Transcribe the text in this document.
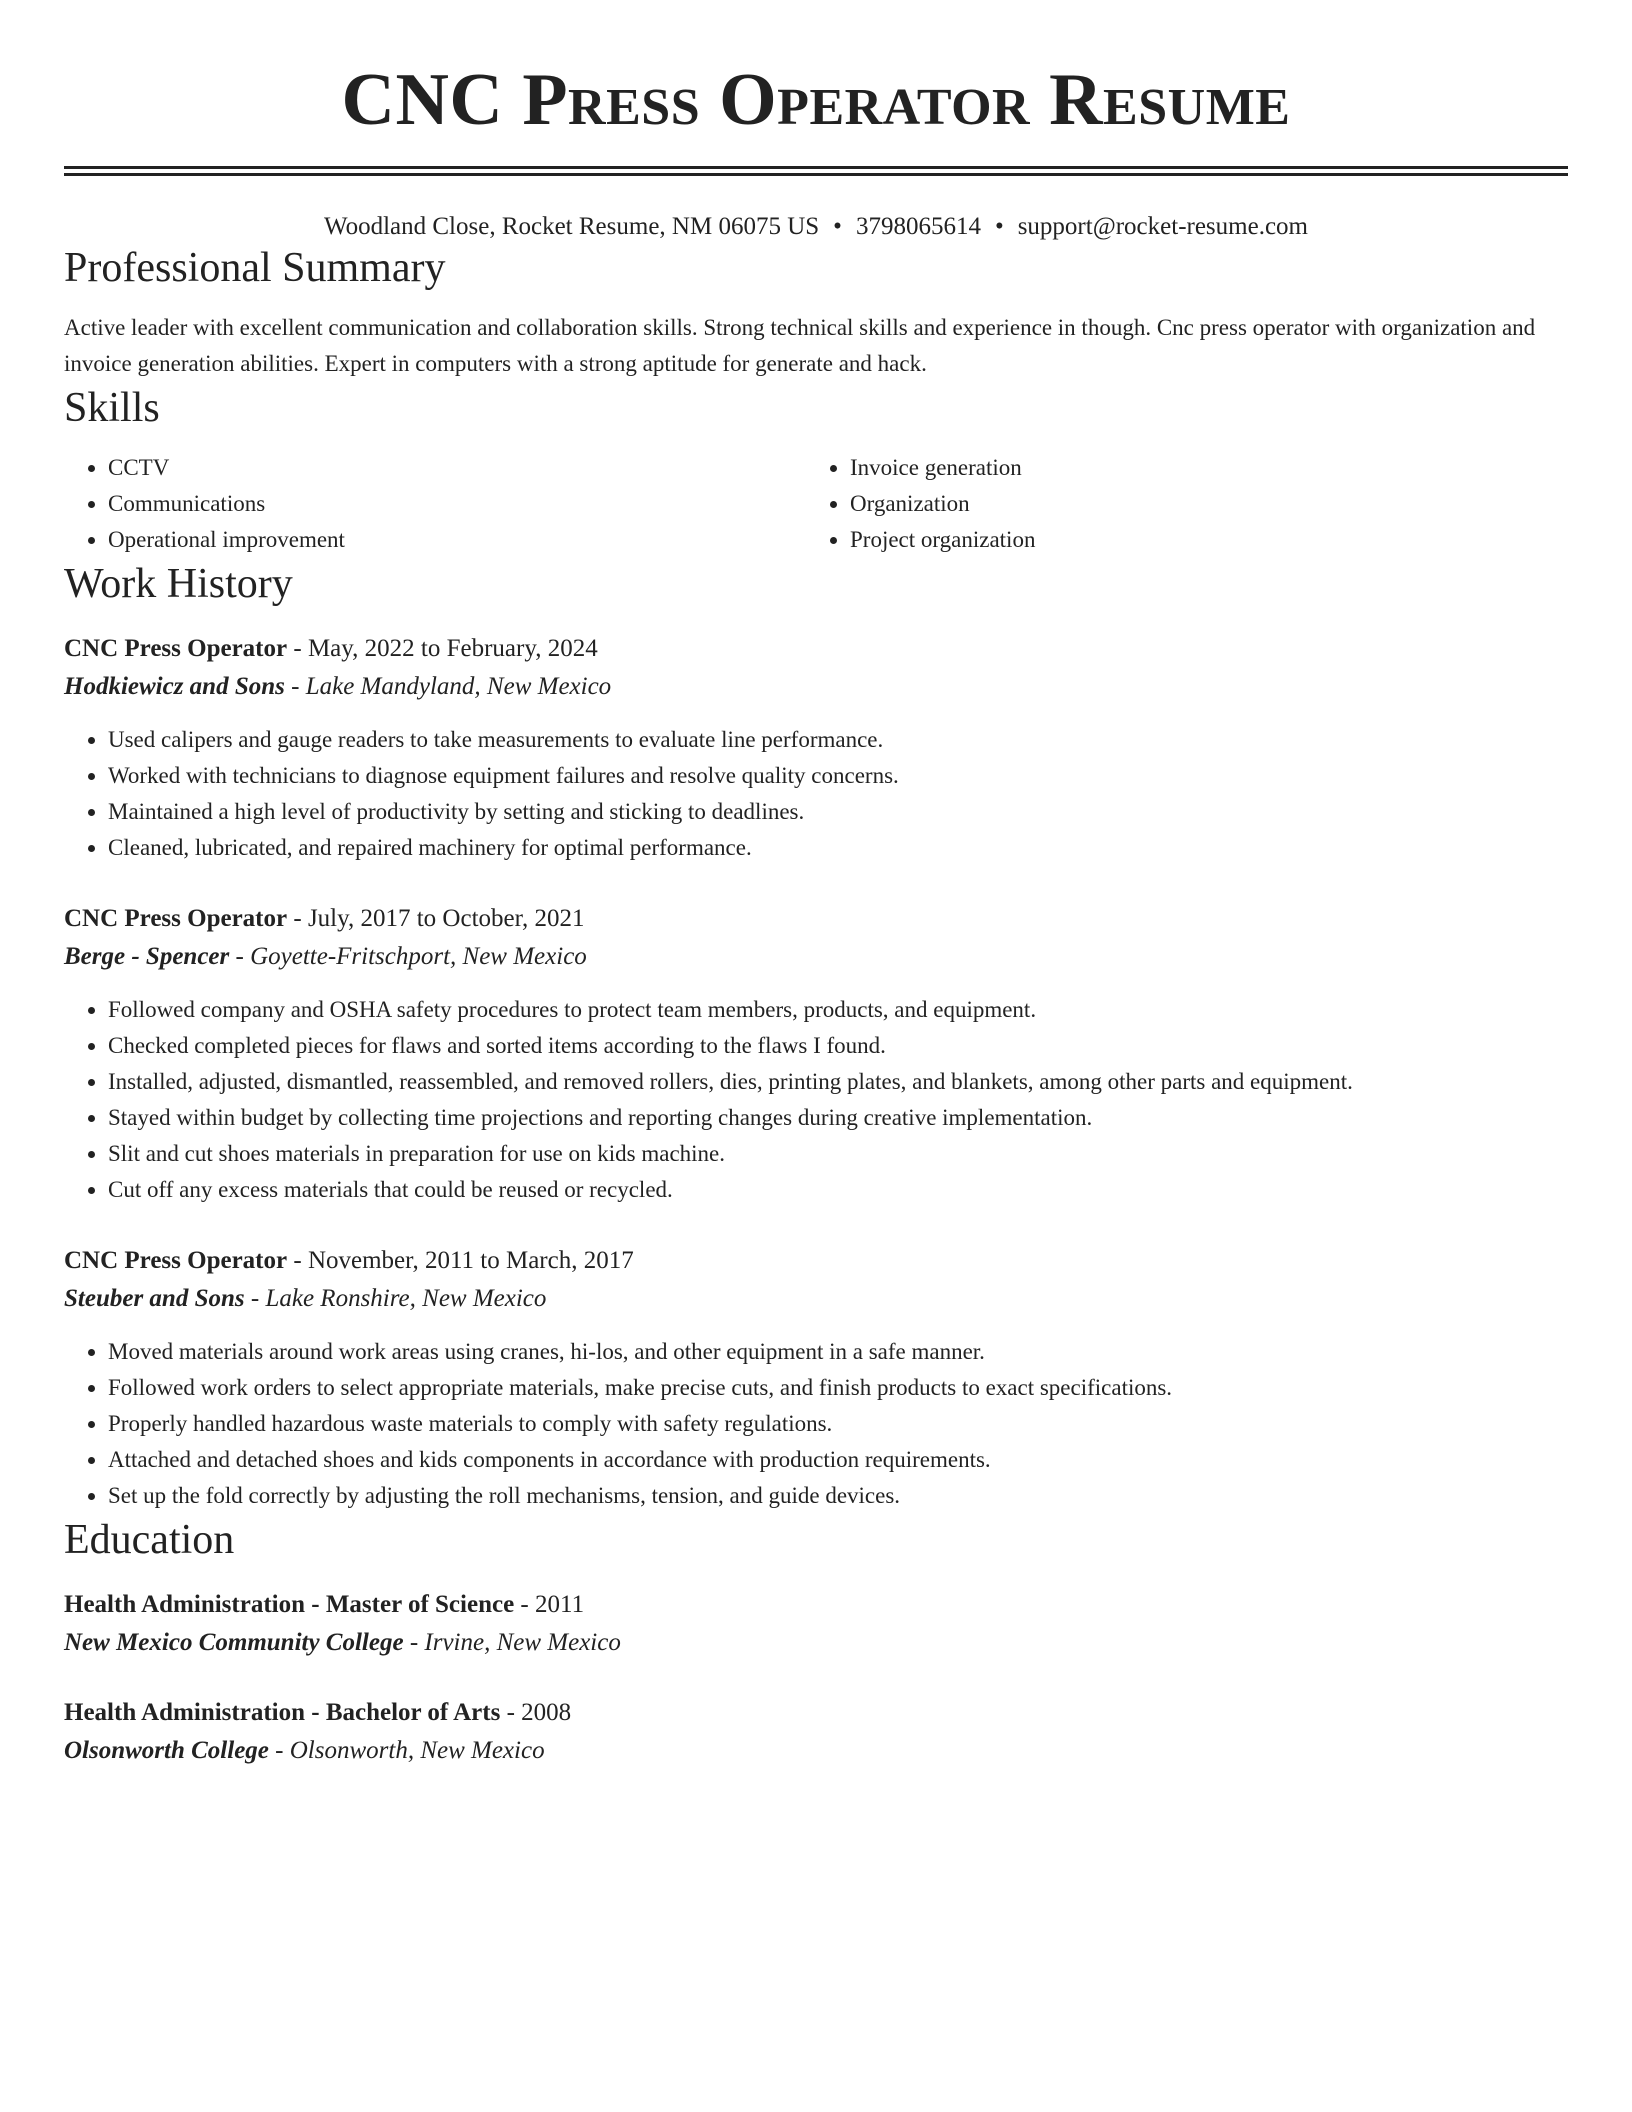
CNC Press Operator Resume
Woodland Close, Rocket Resume, NM 06075 US • 3798065614 • support@rocket-resume.com
Professional Summary
Active leader with excellent communication and collaboration skills. Strong technical skills and experience in though. Cnc press operator with organization and invoice generation abilities. Expert in computers with a strong aptitude for generate and hack.
Skills
• CCTV
• Communications
• Operational improvement
• Invoice generation
• Organization
• Project organization
Work History
CNC Press Operator - May, 2022 to February, 2024
Hodkiewicz and Sons - Lake Mandyland, New Mexico
• Used calipers and gauge readers to take measurements to evaluate line performance.
• Worked with technicians to diagnose equipment failures and resolve quality concerns.
• Maintained a high level of productivity by setting and sticking to deadlines.
• Cleaned, lubricated, and repaired machinery for optimal performance.
CNC Press Operator - July, 2017 to October, 2021
Berge - Spencer - Goyette-Fritschport, New Mexico
• Followed company and OSHA safety procedures to protect team members, products, and equipment.
• Checked completed pieces for flaws and sorted items according to the flaws I found.
• Installed, adjusted, dismantled, reassembled, and removed rollers, dies, printing plates, and blankets, among other parts and equipment.
• Stayed within budget by collecting time projections and reporting changes during creative implementation.
• Slit and cut shoes materials in preparation for use on kids machine.
• Cut off any excess materials that could be reused or recycled.
CNC Press Operator - November, 2011 to March, 2017
Steuber and Sons - Lake Ronshire, New Mexico
• Moved materials around work areas using cranes, hi-los, and other equipment in a safe manner.
• Followed work orders to select appropriate materials, make precise cuts, and finish products to exact specifications.
• Properly handled hazardous waste materials to comply with safety regulations.
• Attached and detached shoes and kids components in accordance with production requirements.
• Set up the fold correctly by adjusting the roll mechanisms, tension, and guide devices.
Education
Health Administration - Master of Science - 2011
New Mexico Community College - Irvine, New Mexico
Health Administration - Bachelor of Arts - 2008
Olsonworth College - Olsonworth, New Mexico
